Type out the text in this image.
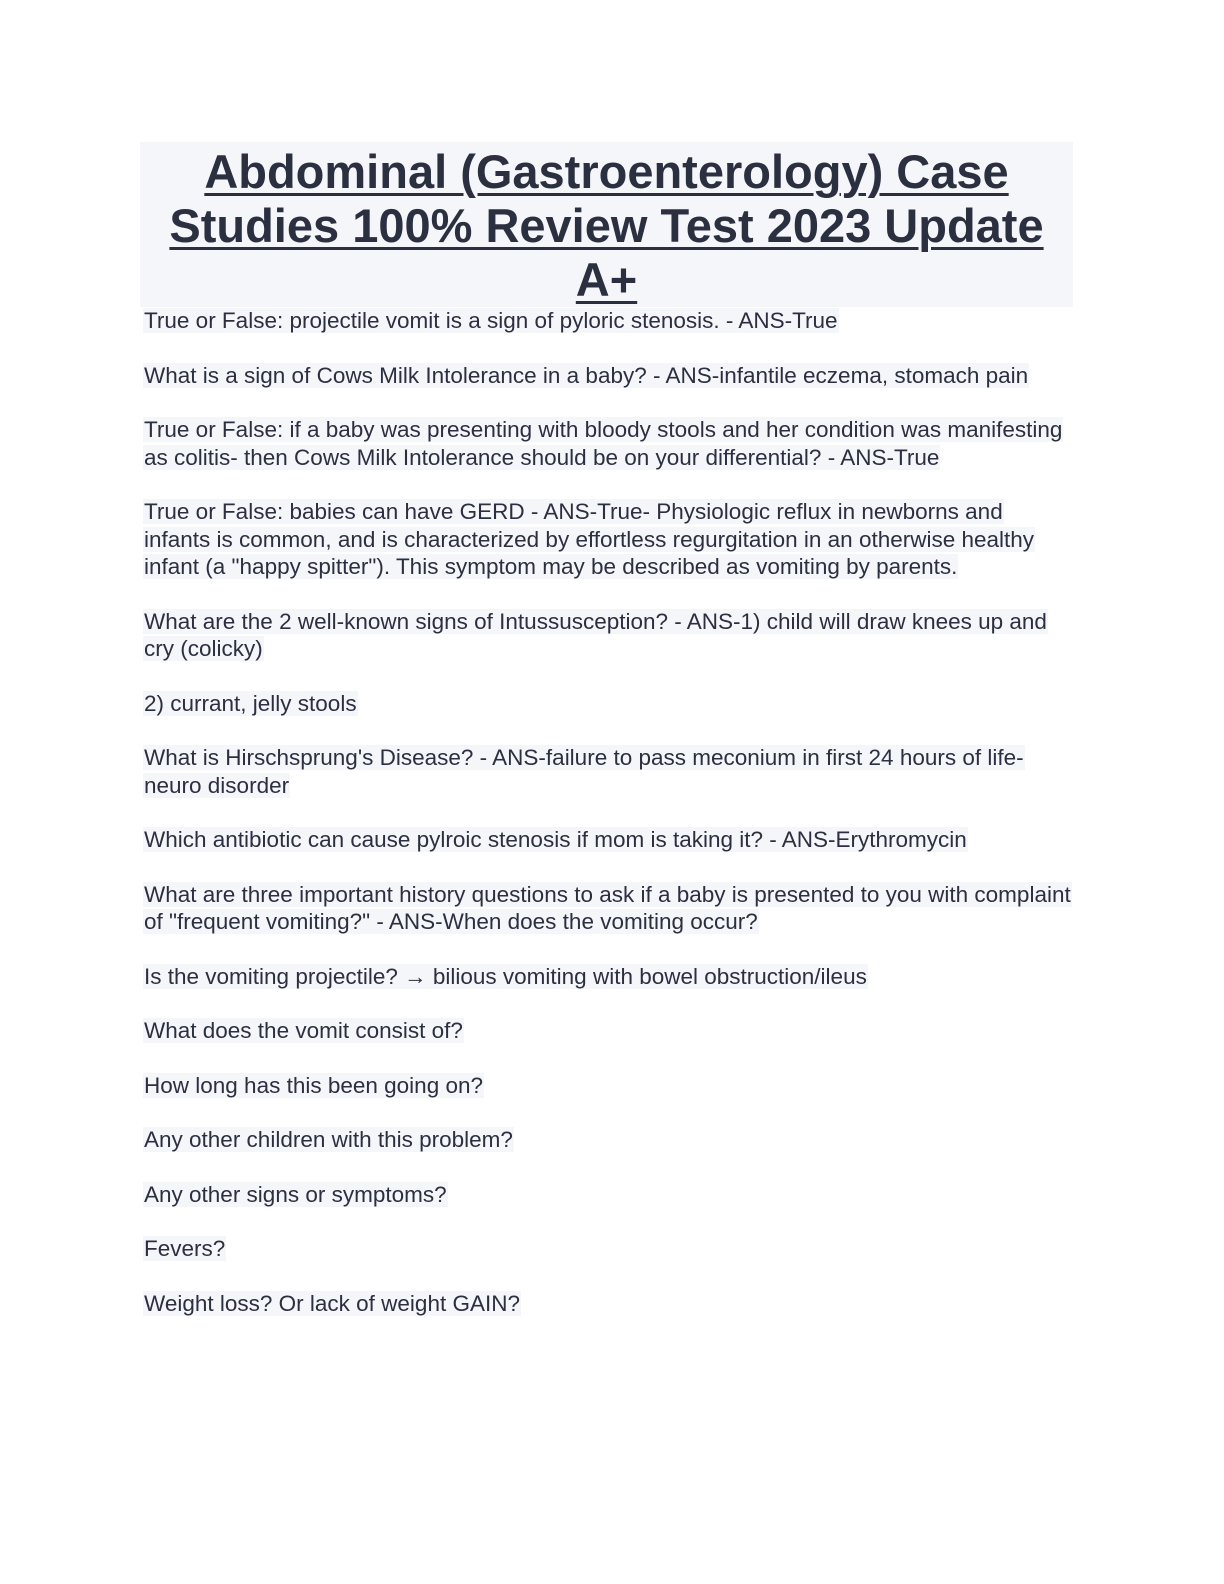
Abdominal (Gastroenterology) Case Studies 100% Review Test 2023 Update A+

True or False: projectile vomit is a sign of pyloric stenosis. - ANS-True

What is a sign of Cows Milk Intolerance in a baby? - ANS-infantile eczema, stomach pain

True or False: if a baby was presenting with bloody stools and her condition was manifesting as colitis- then Cows Milk Intolerance should be on your differential? - ANS-True

True or False: babies can have GERD - ANS-True- Physiologic reflux in newborns and infants is common, and is characterized by effortless regurgitation in an otherwise healthy infant (a "happy spitter"). This symptom may be described as vomiting by parents.

What are the 2 well-known signs of Intussusception? - ANS-1) child will draw knees up and cry (colicky)

2) currant, jelly stools

What is Hirschsprung's Disease? - ANS-failure to pass meconium in first 24 hours of life- neuro disorder

Which antibiotic can cause pylroic stenosis if mom is taking it? - ANS-Erythromycin

What are three important history questions to ask if a baby is presented to you with complaint of "frequent vomiting?" - ANS-When does the vomiting occur?

Is the vomiting projectile? → bilious vomiting with bowel obstruction/ileus

What does the vomit consist of?

How long has this been going on?

Any other children with this problem?

Any other signs or symptoms?

Fevers?

Weight loss? Or lack of weight GAIN?
